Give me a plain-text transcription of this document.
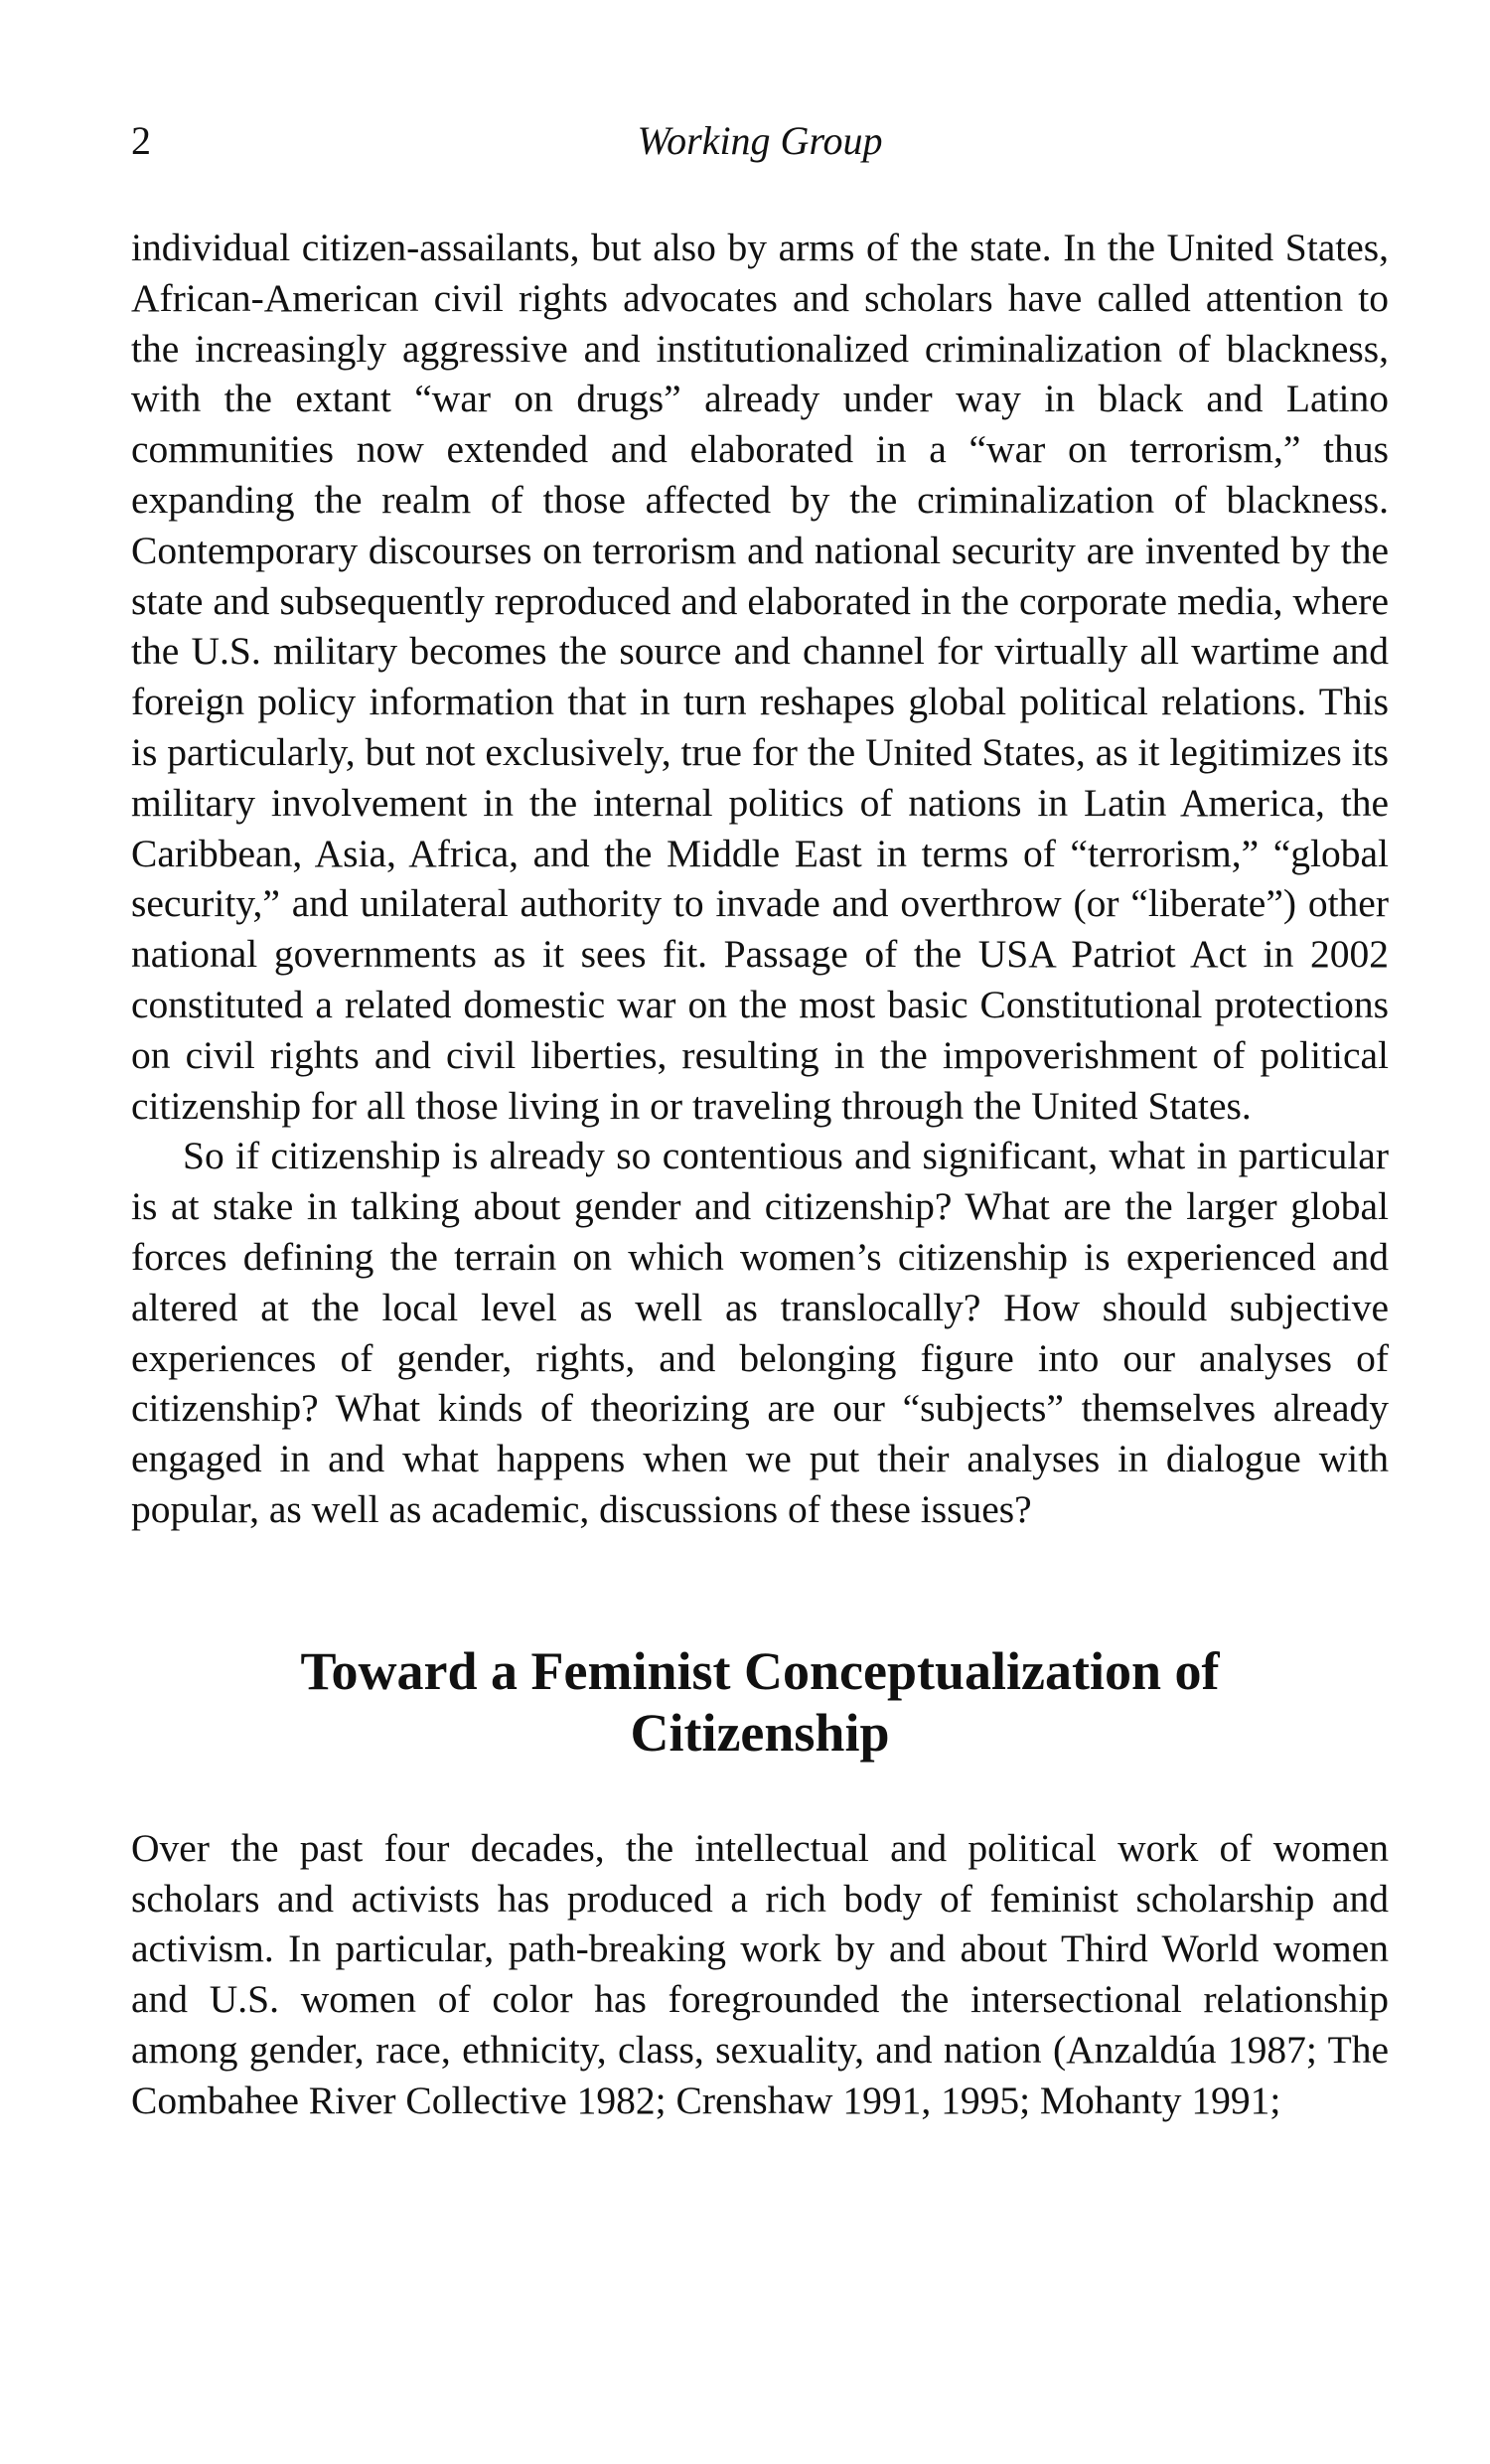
2	Working Group

individual citizen-assailants, but also by arms of the state. In the United States, African-American civil rights advocates and scholars have called attention to the increasingly aggressive and institutionalized criminalization of blackness, with the extant “war on drugs” already under way in black and Latino communities now extended and elaborated in a “war on terrorism,” thus expanding the realm of those affected by the criminalization of blackness. Contemporary discourses on terrorism and national security are invented by the state and subsequently reproduced and elaborated in the corporate media, where the U.S. military becomes the source and channel for virtually all wartime and foreign policy information that in turn reshapes global political relations. This is particularly, but not exclusively, true for the United States, as it legitimizes its military involvement in the internal politics of nations in Latin America, the Caribbean, Asia, Africa, and the Middle East in terms of “terrorism,” “global security,” and unilateral authority to invade and overthrow (or “liberate”) other national governments as it sees fit. Passage of the USA Patriot Act in 2002 constituted a related domestic war on the most basic Constitutional protections on civil rights and civil liberties, resulting in the impoverishment of political citizenship for all those living in or traveling through the United States.

So if citizenship is already so contentious and significant, what in particular is at stake in talking about gender and citizenship? What are the larger global forces defining the terrain on which women’s citizenship is experienced and altered at the local level as well as translocally? How should subjective experiences of gender, rights, and belonging figure into our analyses of citizenship? What kinds of theorizing are our “subjects” themselves already engaged in and what happens when we put their analyses in dialogue with popular, as well as academic, discussions of these issues?

Toward a Feminist Conceptualization of Citizenship

Over the past four decades, the intellectual and political work of women scholars and activists has produced a rich body of feminist scholarship and activism. In particular, path-breaking work by and about Third World women and U.S. women of color has foregrounded the intersectional relationship among gender, race, ethnicity, class, sexuality, and nation (Anzaldúa 1987; The Combahee River Collective 1982; Crenshaw 1991, 1995; Mohanty 1991;
